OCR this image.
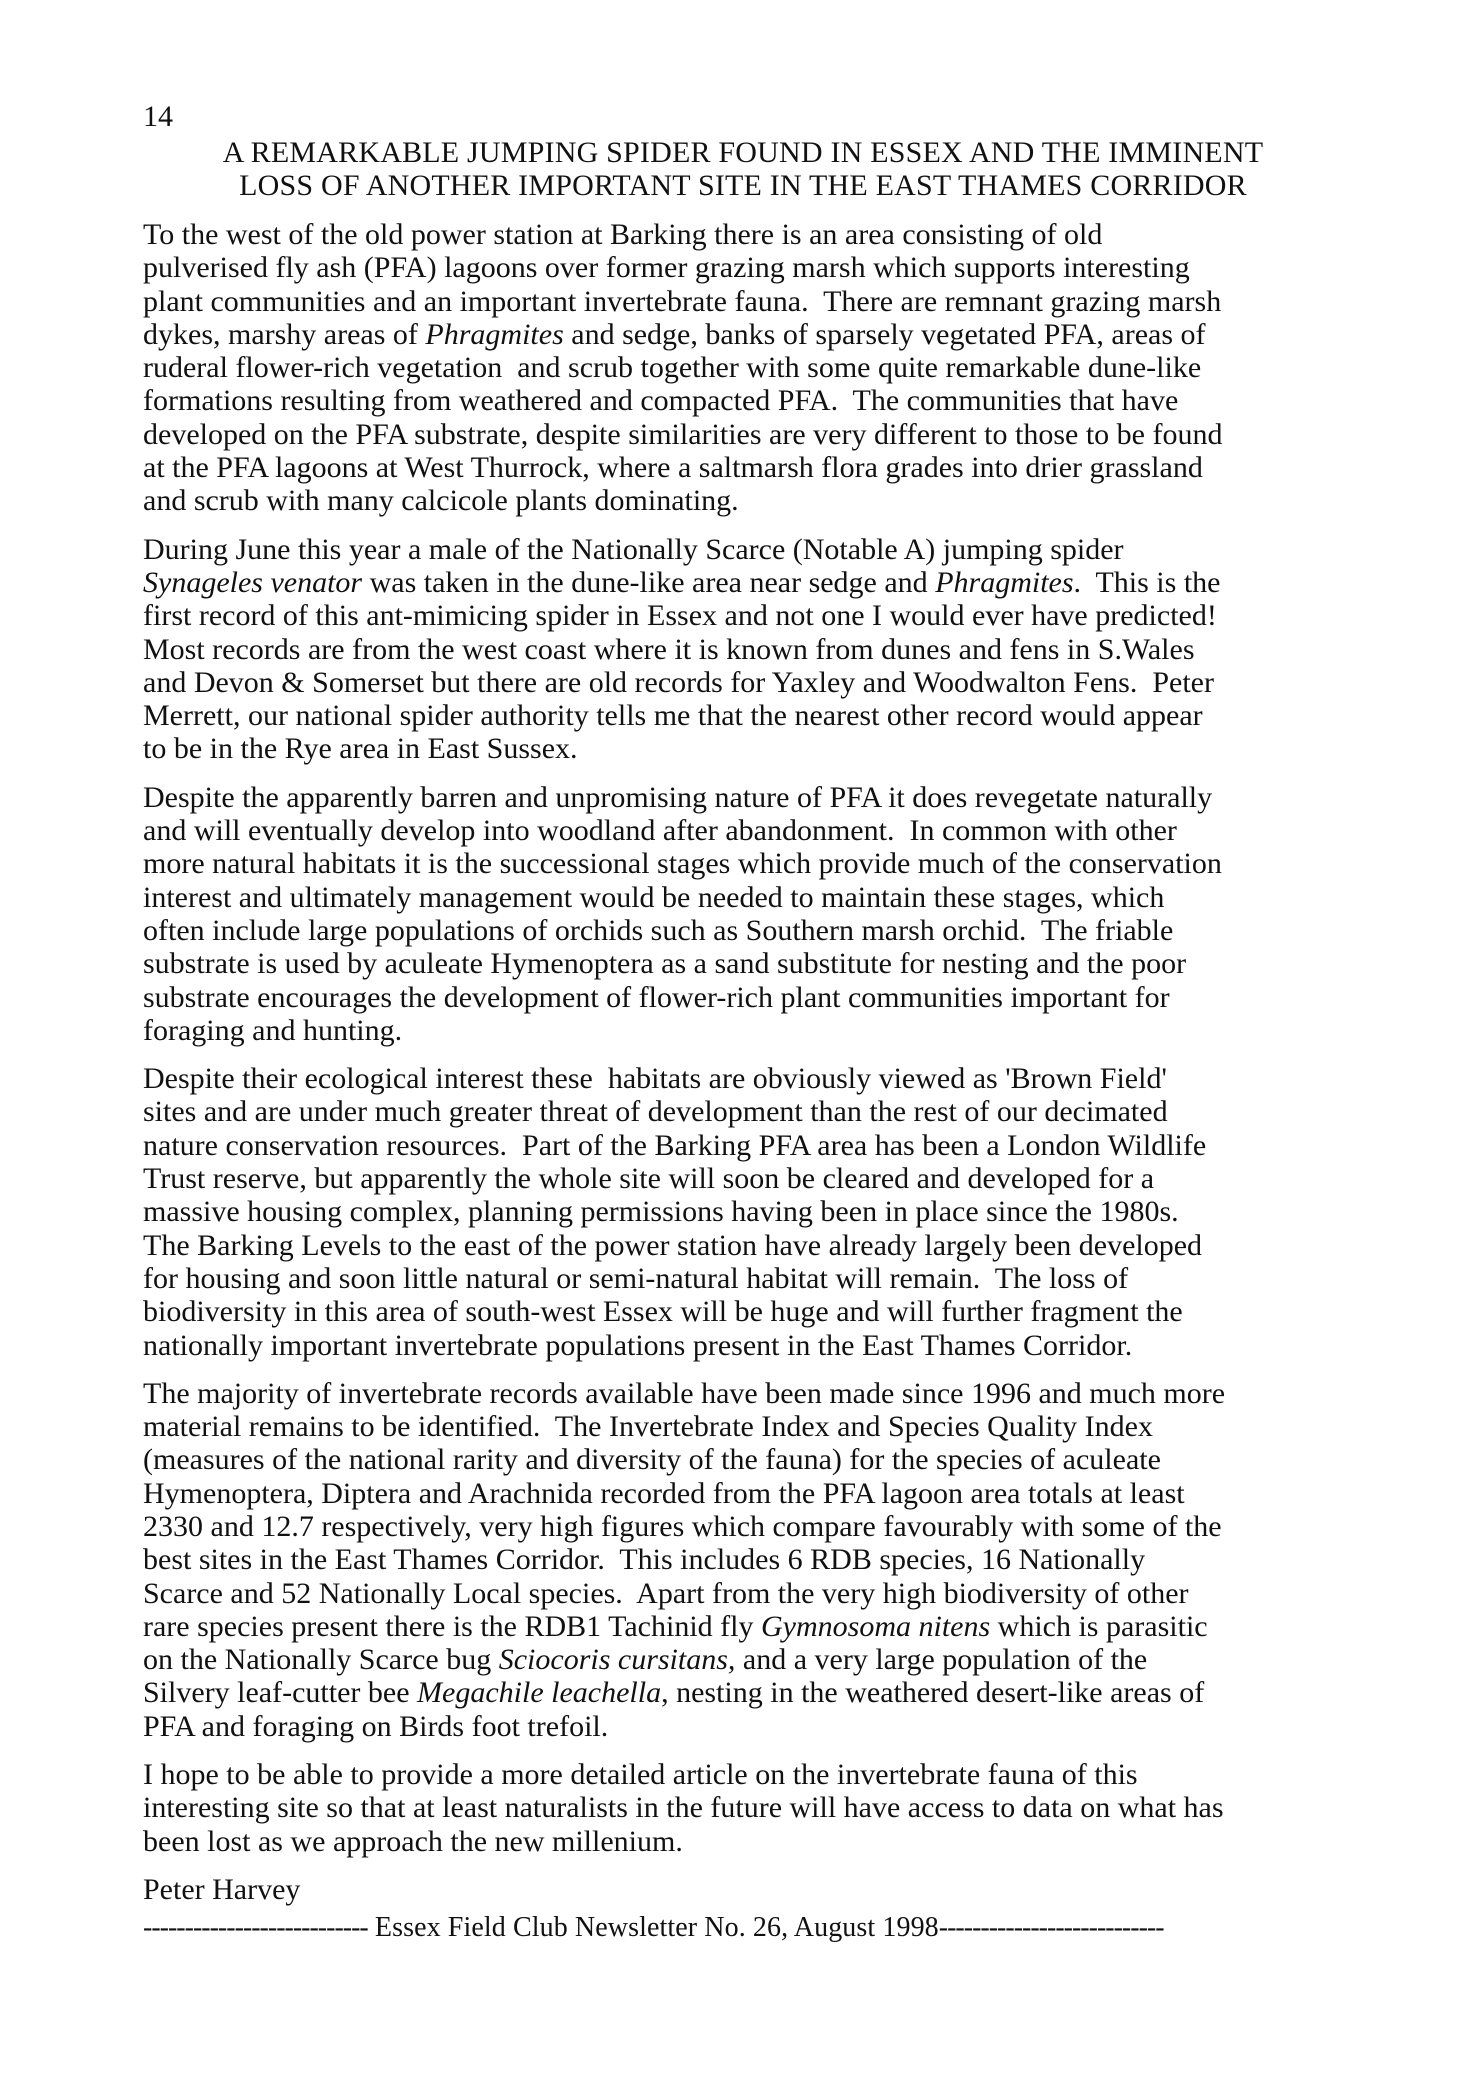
14
A REMARKABLE JUMPING SPIDER FOUND IN ESSEX AND THE IMMINENT
LOSS OF ANOTHER IMPORTANT SITE IN THE EAST THAMES CORRIDOR

To the west of the old power station at Barking there is an area consisting of old
pulverised fly ash (PFA) lagoons over former grazing marsh which supports interesting
plant communities and an important invertebrate fauna.  There are remnant grazing marsh
dykes, marshy areas of Phragmites and sedge, banks of sparsely vegetated PFA, areas of
ruderal flower-rich vegetation  and scrub together with some quite remarkable dune-like
formations resulting from weathered and compacted PFA.  The communities that have
developed on the PFA substrate, despite similarities are very different to those to be found
at the PFA lagoons at West Thurrock, where a saltmarsh flora grades into drier grassland
and scrub with many calcicole plants dominating.

During June this year a male of the Nationally Scarce (Notable A) jumping spider
Synageles venator was taken in the dune-like area near sedge and Phragmites.  This is the
first record of this ant-mimicing spider in Essex and not one I would ever have predicted!
Most records are from the west coast where it is known from dunes and fens in S.Wales
and Devon & Somerset but there are old records for Yaxley and Woodwalton Fens.  Peter
Merrett, our national spider authority tells me that the nearest other record would appear
to be in the Rye area in East Sussex.

Despite the apparently barren and unpromising nature of PFA it does revegetate naturally
and will eventually develop into woodland after abandonment.  In common with other
more natural habitats it is the successional stages which provide much of the conservation
interest and ultimately management would be needed to maintain these stages, which
often include large populations of orchids such as Southern marsh orchid.  The friable
substrate is used by aculeate Hymenoptera as a sand substitute for nesting and the poor
substrate encourages the development of flower-rich plant communities important for
foraging and hunting.

Despite their ecological interest these  habitats are obviously viewed as 'Brown Field'
sites and are under much greater threat of development than the rest of our decimated
nature conservation resources.  Part of the Barking PFA area has been a London Wildlife
Trust reserve, but apparently the whole site will soon be cleared and developed for a
massive housing complex, planning permissions having been in place since the 1980s.
The Barking Levels to the east of the power station have already largely been developed
for housing and soon little natural or semi-natural habitat will remain.  The loss of
biodiversity in this area of south-west Essex will be huge and will further fragment the
nationally important invertebrate populations present in the East Thames Corridor.

The majority of invertebrate records available have been made since 1996 and much more
material remains to be identified.  The Invertebrate Index and Species Quality Index
(measures of the national rarity and diversity of the fauna) for the species of aculeate
Hymenoptera, Diptera and Arachnida recorded from the PFA lagoon area totals at least
2330 and 12.7 respectively, very high figures which compare favourably with some of the
best sites in the East Thames Corridor.  This includes 6 RDB species, 16 Nationally
Scarce and 52 Nationally Local species.  Apart from the very high biodiversity of other
rare species present there is the RDB1 Tachinid fly Gymnosoma nitens which is parasitic
on the Nationally Scarce bug Sciocoris cursitans, and a very large population of the
Silvery leaf-cutter bee Megachile leachella, nesting in the weathered desert-like areas of
PFA and foraging on Birds foot trefoil.

I hope to be able to provide a more detailed article on the invertebrate fauna of this
interesting site so that at least naturalists in the future will have access to data on what has
been lost as we approach the new millenium.

Peter Harvey
--------------------------- Essex Field Club Newsletter No. 26, August 1998---------------------------
